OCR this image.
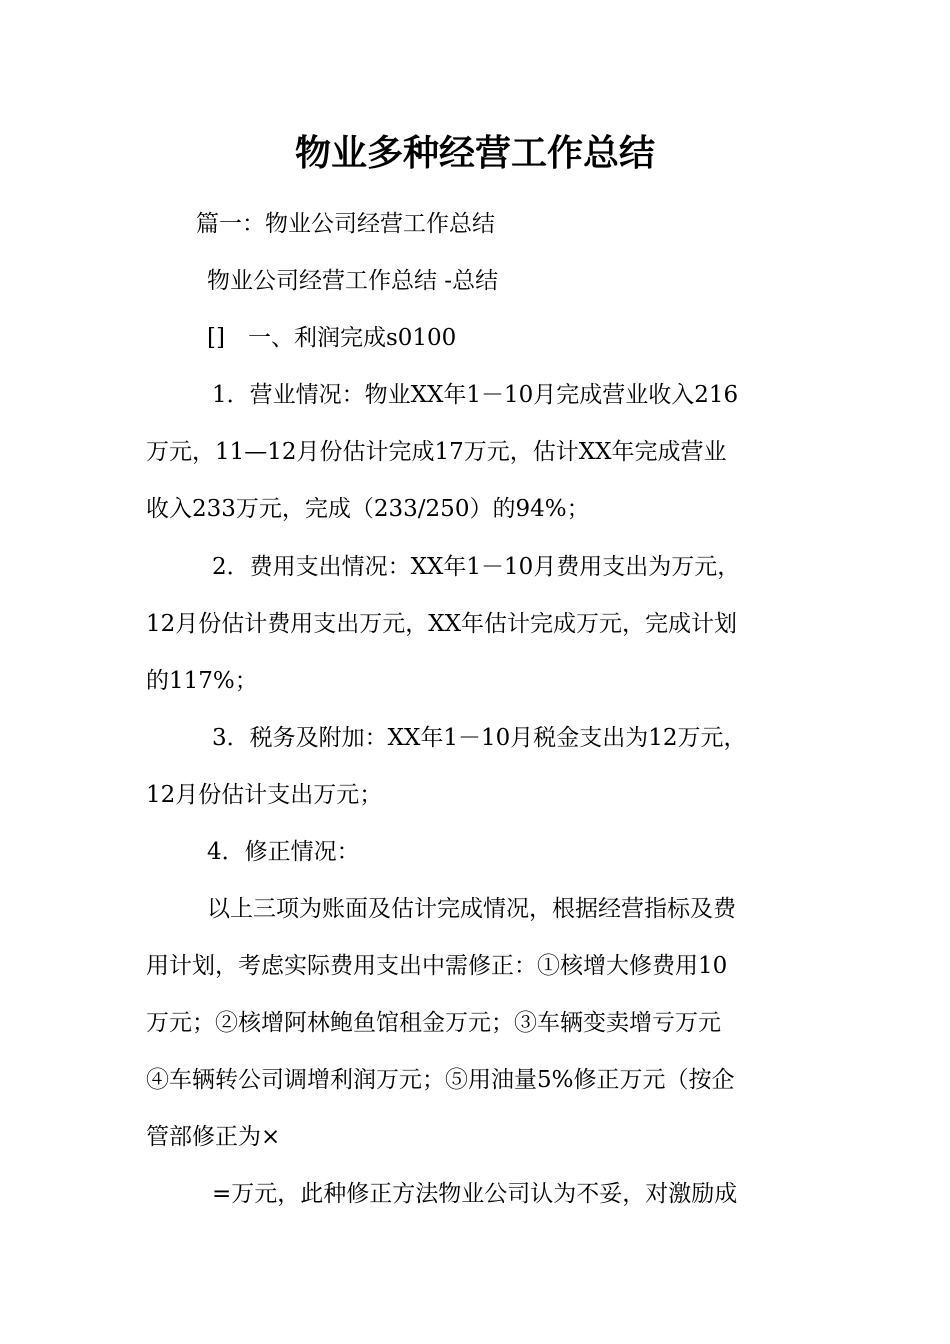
物业多种经营工作总结
篇一：物业公司经营工作总结
物业公司经营工作总结 -总结
[]　一、利润完成s0100
1．营业情况：物业XX年1－10月完成营业收入216
万元，11—12月份估计完成17万元，估计XX年完成营业
收入233万元，完成（233/250）的94%；
2．费用支出情况：XX年1－10月费用支出为万元，
12月份估计费用支出万元，XX年估计完成万元，完成计划
的117%；
3．税务及附加：XX年1－10月税金支出为12万元，
12月份估计支出万元；
4．修正情况：
以上三项为账面及估计完成情况，根据经营指标及费
用计划，考虑实际费用支出中需修正：①核增大修费用10
万元；②核增阿林鲍鱼馆租金万元；③车辆变卖增亏万元
④车辆转公司调增利润万元；⑤用油量5%修正万元（按企
管部修正为×
=万元，此种修正方法物业公司认为不妥，对激励成
